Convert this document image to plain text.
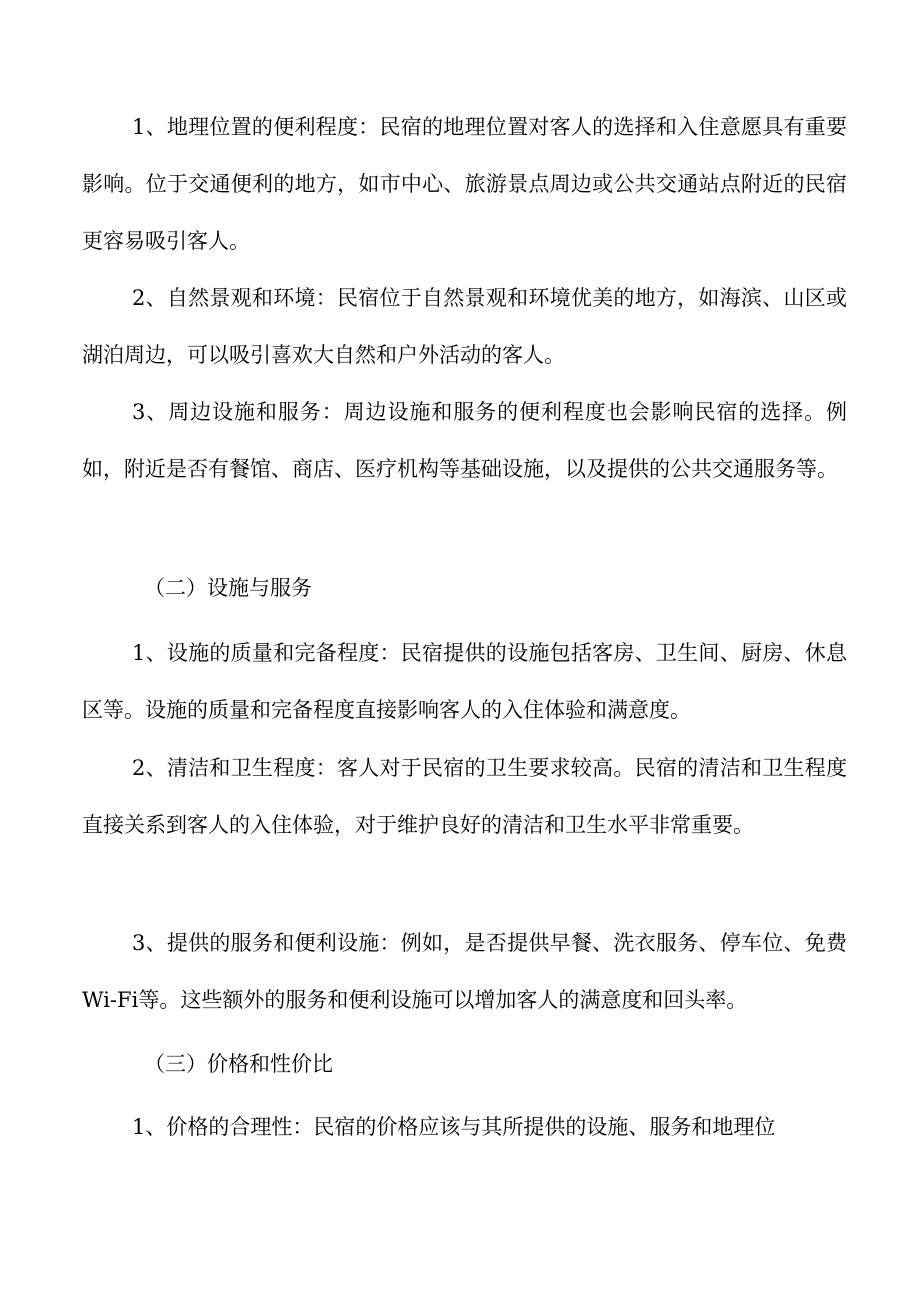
1、地理位置的便利程度：民宿的地理位置对客人的选择和入住意愿具有重要影响。位于交通便利的地方，如市中心、旅游景点周边或公共交通站点附近的民宿更容易吸引客人。

2、自然景观和环境：民宿位于自然景观和环境优美的地方，如海滨、山区或湖泊周边，可以吸引喜欢大自然和户外活动的客人。

3、周边设施和服务：周边设施和服务的便利程度也会影响民宿的选择。例如，附近是否有餐馆、商店、医疗机构等基础设施，以及提供的公共交通服务等。

（二）设施与服务

1、设施的质量和完备程度：民宿提供的设施包括客房、卫生间、厨房、休息区等。设施的质量和完备程度直接影响客人的入住体验和满意度。

2、清洁和卫生程度：客人对于民宿的卫生要求较高。民宿的清洁和卫生程度直接关系到客人的入住体验，对于维护良好的清洁和卫生水平非常重要。

3、提供的服务和便利设施：例如，是否提供早餐、洗衣服务、停车位、免费Wi-Fi等。这些额外的服务和便利设施可以增加客人的满意度和回头率。

（三）价格和性价比

1、价格的合理性：民宿的价格应该与其所提供的设施、服务和地理位
